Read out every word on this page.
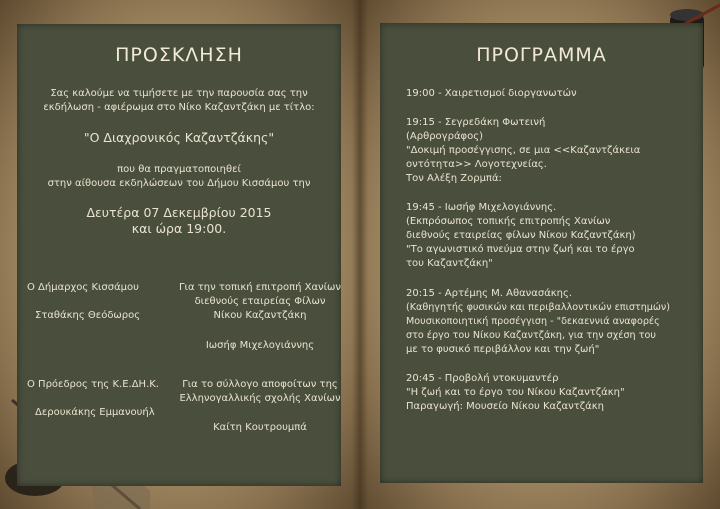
ΠΡΟΣΚΛΗΣΗ
Σας καλούμε να τιμήσετε με την παρουσία σας την
εκδήλωση - αφιέρωμα στο Νίκο Καζαντζάκη με τίτλο:
"Ο Διαχρονικός Καζαντζάκης"
που θα πραγματοποιηθεί
στην αίθουσα εκδηλώσεων του Δήμου Κισσάμου την
Δευτέρα 07 Δεκεμβρίου 2015
και ώρα 19:00.
Ο Δήμαρχος Κισσάμου
Σταθάκης Θεόδωρος
Για την τοπική επιτροπή Χανίων
διεθνούς εταιρείας Φίλων
Νίκου Καζαντζάκη
Ιωσήφ Μιχελογιάννης
Ο Πρόεδρος της Κ.Ε.ΔΗ.Κ.
Δερουκάκης Εμμανουήλ
Για το σύλλογο αποφοίτων της
Ελληνογαλλικής σχολής Χανίων
Καίτη Κουτρουμπά
ΠΡΟΓΡΑΜΜΑ
19:00 - Χαιρετισμοί διοργανωτών
19:15 - Σεγρεδάκη Φωτεινή
(Αρθρογράφος)
"Δοκιμή προσέγγισης, σε μια <<Καζαντζάκεια
οντότητα>> Λογοτεχνείας.
Τον Αλέξη Ζορμπά:
19:45 - Ιωσήφ Μιχελογιάννης.
(Εκπρόσωπος τοπικής επιτροπής Χανίων
διεθνούς εταιρείας φίλων Νίκου Καζαντζάκη)
"Το αγωνιστικό πνεύμα στην ζωή και το έργο
του Καζαντζάκη"
20:15 - Αρτέμης Μ. Αθανασάκης.
(Καθηγητής φυσικών και περιβαλλοντικών επιστημών)
Μουσικοποιητική προσέγγιση - "δεκαεννιά αναφορές
στο έργο του Νίκου Καζαντζάκη, για την σχέση του
με το φυσικό περιβάλλον και την ζωή"
20:45 - Προβολή ντοκυμαντέρ
"Η ζωή και το έργο του Νίκου Καζαντζάκη"
Παραγωγή: Μουσείο Νίκου Καζαντζάκη
